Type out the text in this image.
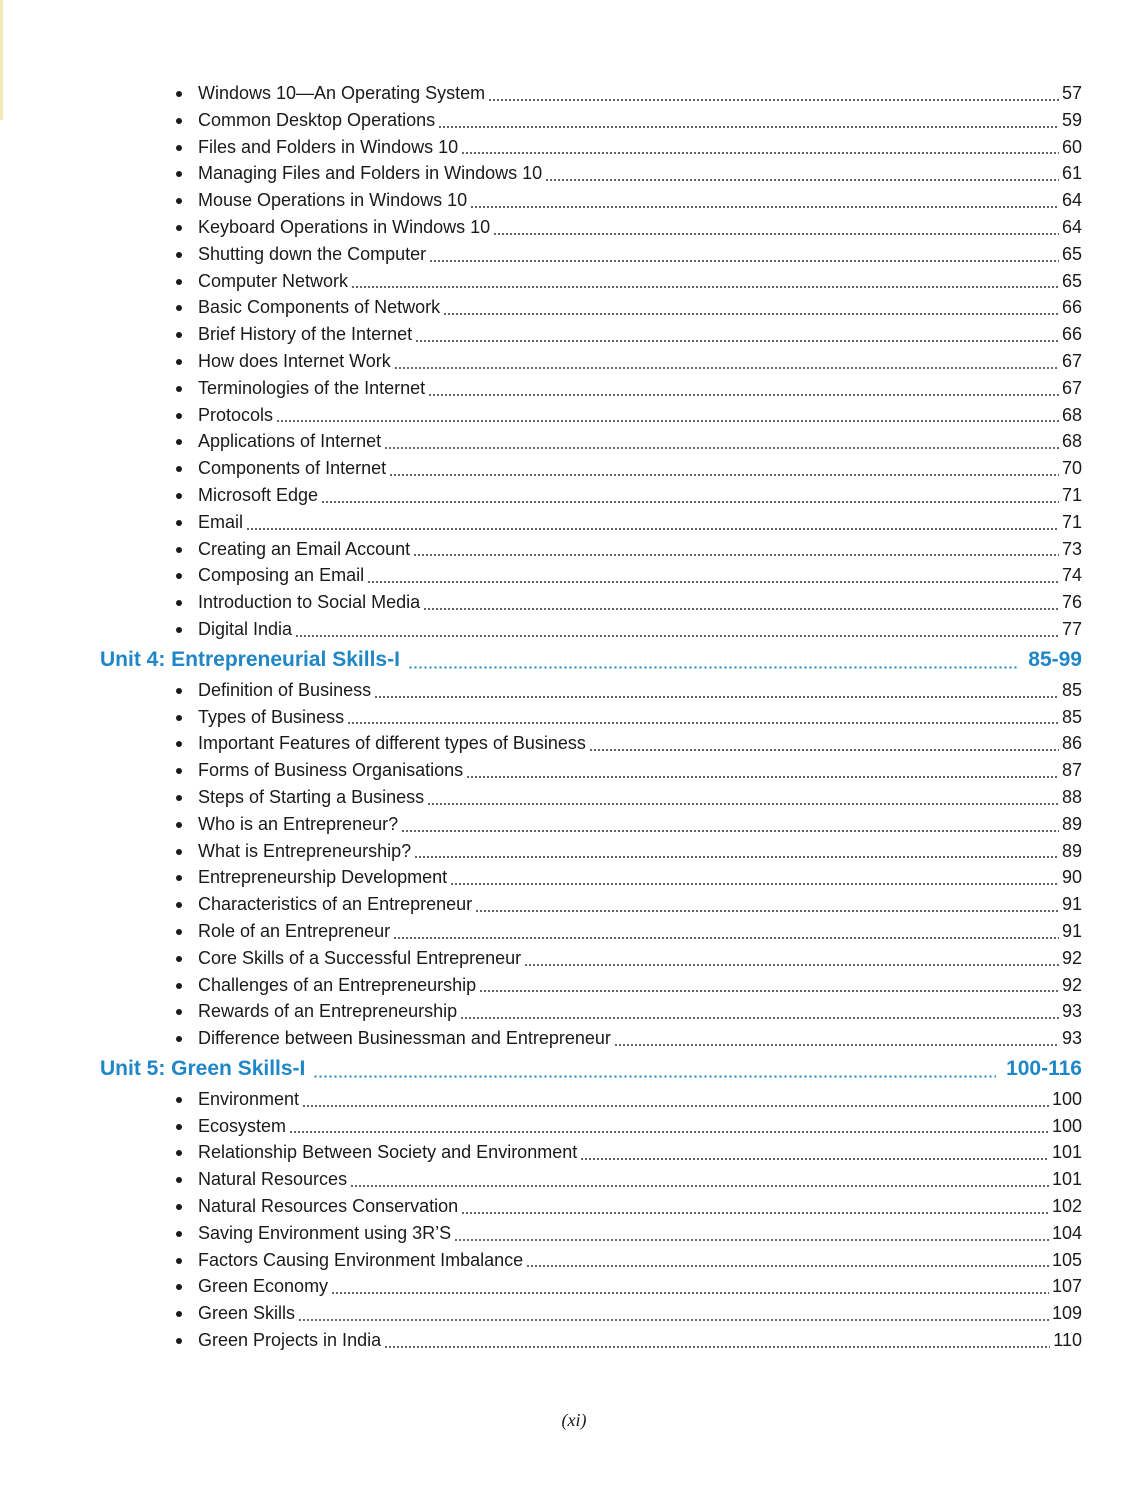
Windows 10—An Operating System	57
Common Desktop Operations	59
Files and Folders in Windows 10	60
Managing Files and Folders in Windows 10	61
Mouse Operations in Windows 10	64
Keyboard Operations in Windows 10	64
Shutting down the Computer	65
Computer Network	65
Basic Components of Network	66
Brief History of the Internet	66
How does Internet Work	67
Terminologies of the Internet	67
Protocols	68
Applications of Internet	68
Components of Internet	70
Microsoft Edge	71
Email	71
Creating an Email Account	73
Composing an Email	74
Introduction to Social Media	76
Digital India	77
Unit 4: Entrepreneurial Skills-I	85-99
Definition of Business	85
Types of Business	85
Important Features of different types of Business	86
Forms of Business Organisations	87
Steps of Starting a Business	88
Who is an Entrepreneur?	89
What is Entrepreneurship?	89
Entrepreneurship Development	90
Characteristics of an Entrepreneur	91
Role of an Entrepreneur	91
Core Skills of a Successful Entrepreneur	92
Challenges of an Entrepreneurship	92
Rewards of an Entrepreneurship	93
Difference between Businessman and Entrepreneur	93
Unit 5: Green Skills-I	100-116
Environment	100
Ecosystem	100
Relationship Between Society and Environment	101
Natural Resources	101
Natural Resources Conservation	102
Saving Environment using 3R’S	104
Factors Causing Environment Imbalance	105
Green Economy	107
Green Skills	109
Green Projects in India	110
(xi)
